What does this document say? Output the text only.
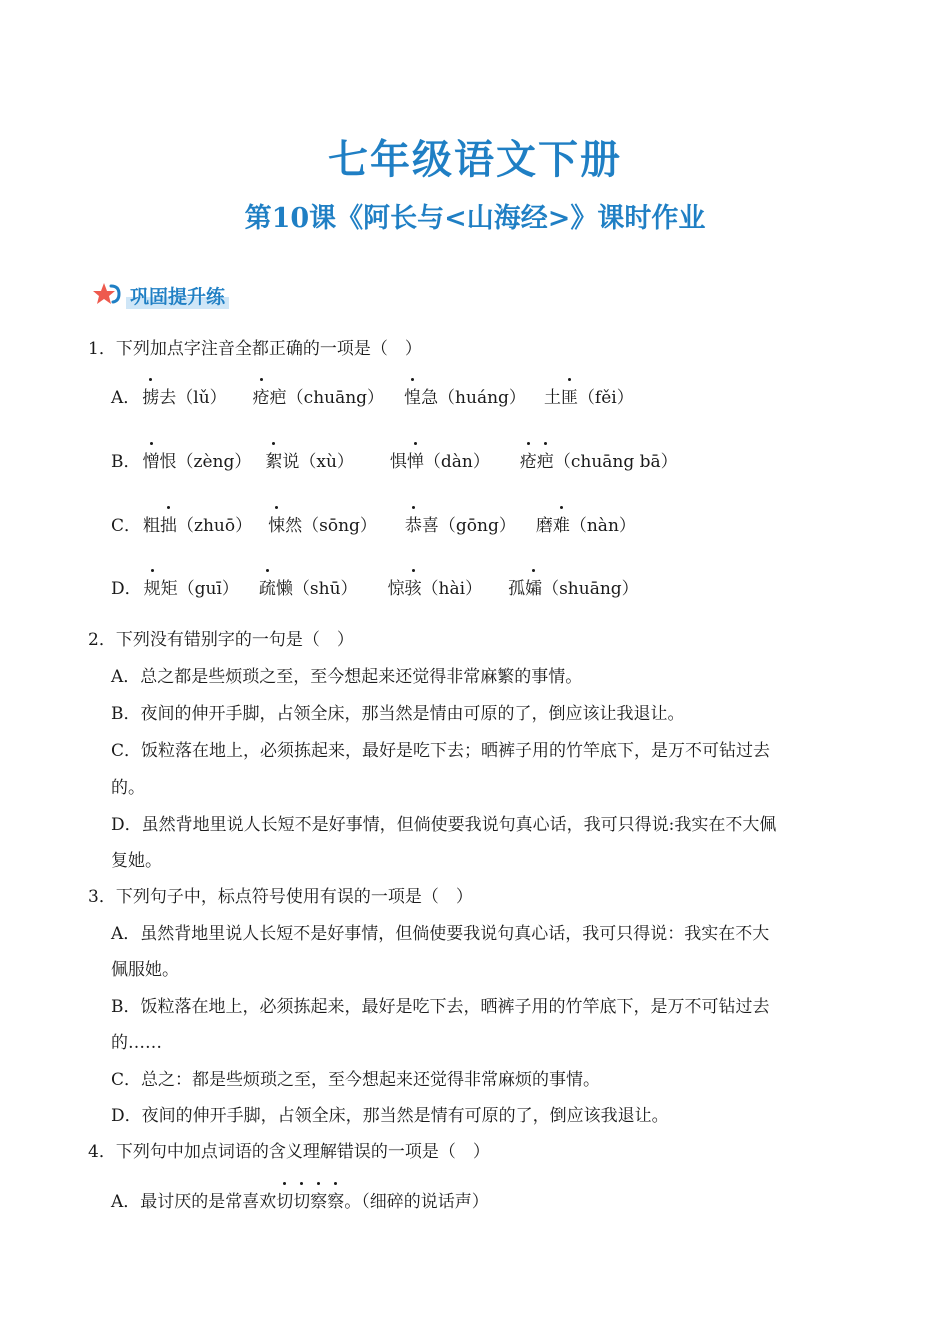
七年级语文下册
第10课《阿长与<山海经>》课时作业
巩固提升练
1．下列加点字注音全都正确的一项是（　）
A． 掳去（lǔ） 疮疤（chuāng） 惶急（huáng） 土匪（fěi）
B． 憎恨（zèng） 絮说（xù） 惧惮（dàn） 疮疤（chuāng bā）
C． 粗拙（zhuō） 悚然（sōng） 恭喜（gōng） 磨难（nàn）
D． 规矩（guī） 疏懒（shū） 惊骇（hài） 孤孀（shuāng）
2．下列没有错别字的一句是（　）
A．总之都是些烦琐之至，至今想起来还觉得非常麻繁的事情。
B．夜间的伸开手脚，占领全床，那当然是情由可原的了，倒应该让我退让。
C．饭粒落在地上，必须拣起来，最好是吃下去；晒裤子用的竹竿底下，是万不可钻过去
的。
D．虽然背地里说人长短不是好事情，但倘使要我说句真心话，我可只得说:我实在不大佩
复她。
3．下列句子中，标点符号使用有误的一项是（　）
A．虽然背地里说人长短不是好事情，但倘使要我说句真心话，我可只得说：我实在不大
佩服她。
B．饭粒落在地上，必须拣起来，最好是吃下去，晒裤子用的竹竿底下，是万不可钻过去
的……
C．总之：都是些烦琐之至，至今想起来还觉得非常麻烦的事情。
D．夜间的伸开手脚，占领全床，那当然是情有可原的了，倒应该我退让。
4．下列句中加点词语的含义理解错误的一项是（　）
A．最讨厌的是常喜欢切切察察。（细碎的说话声）
